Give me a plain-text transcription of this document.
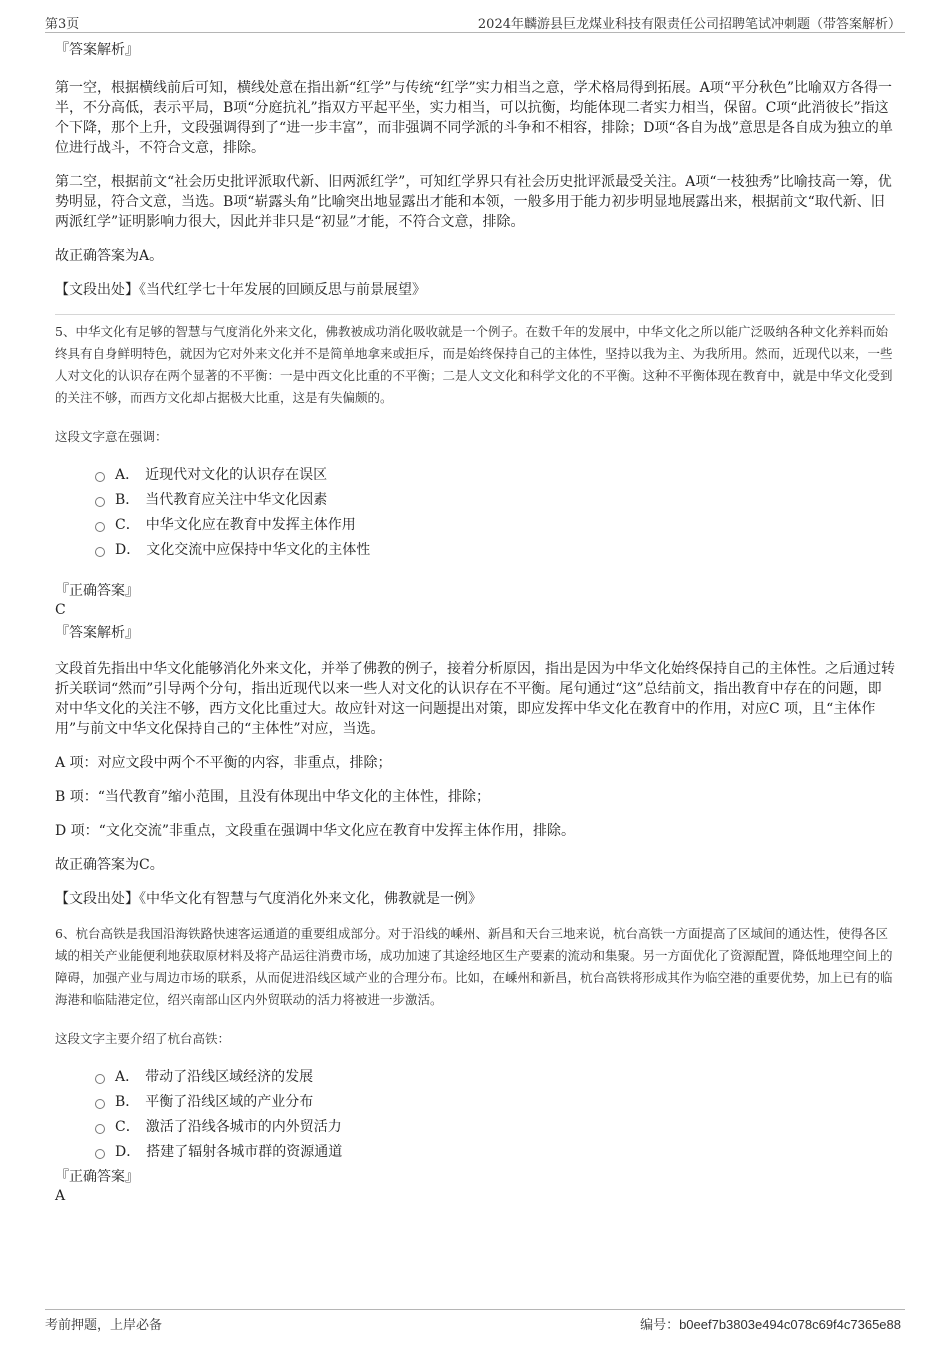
第3页	2024年麟游县巨龙煤业科技有限责任公司招聘笔试冲刺题（带答案解析）

『答案解析』

第一空，根据横线前后可知，横线处意在指出新“红学”与传统“红学”实力相当之意，学术格局得到拓展。A项“平分秋色”比喻双方各得一半，不分高低，表示平局，B项“分庭抗礼”指双方平起平坐，实力相当，可以抗衡，均能体现二者实力相当，保留。C项“此消彼长”指这个下降，那个上升，文段强调得到了“进一步丰富”，而非强调不同学派的斗争和不相容，排除；D项“各自为战”意思是各自成为独立的单位进行战斗，不符合文意，排除。

第二空，根据前文“社会历史批评派取代新、旧两派红学”，可知红学界只有社会历史批评派最受关注。A项“一枝独秀”比喻技高一筹，优势明显，符合文意，当选。B项“崭露头角”比喻突出地显露出才能和本领，一般多用于能力初步明显地展露出来，根据前文“取代新、旧两派红学”证明影响力很大，因此并非只是“初显”才能，不符合文意，排除。

故正确答案为A。

【文段出处】《当代红学七十年发展的回顾反思与前景展望》

5、中华文化有足够的智慧与气度消化外来文化，佛教被成功消化吸收就是一个例子。在数千年的发展中，中华文化之所以能广泛吸纳各种文化养料而始终具有自身鲜明特色，就因为它对外来文化并不是简单地拿来或拒斥，而是始终保持自己的主体性，坚持以我为主、为我所用。然而，近现代以来，一些人对文化的认识存在两个显著的不平衡：一是中西文化比重的不平衡；二是人文文化和科学文化的不平衡。这种不平衡体现在教育中，就是中华文化受到的关注不够，而西方文化却占据极大比重，这是有失偏颇的。

这段文字意在强调：

A． 近现代对文化的认识存在误区
B． 当代教育应关注中华文化因素
C． 中华文化应在教育中发挥主体作用
D． 文化交流中应保持中华文化的主体性

『正确答案』

C

『答案解析』

文段首先指出中华文化能够消化外来文化，并举了佛教的例子，接着分析原因，指出是因为中华文化始终保持自己的主体性。之后通过转折关联词“然而”引导两个分句，指出近现代以来一些人对文化的认识存在不平衡。尾句通过“这”总结前文，指出教育中存在的问题，即对中华文化的关注不够，西方文化比重过大。故应针对这一问题提出对策，即应发挥中华文化在教育中的作用，对应C 项，且“主体作用”与前文中华文化保持自己的“主体性”对应，当选。

A 项：对应文段中两个不平衡的内容，非重点，排除；

B 项：“当代教育”缩小范围，且没有体现出中华文化的主体性，排除；

D 项：“文化交流”非重点，文段重在强调中华文化应在教育中发挥主体作用，排除。

故正确答案为C。

【文段出处】《中华文化有智慧与气度消化外来文化，佛教就是一例》

6、杭台高铁是我国沿海铁路快速客运通道的重要组成部分。对于沿线的嵊州、新昌和天台三地来说，杭台高铁一方面提高了区域间的通达性，使得各区域的相关产业能便利地获取原材料及将产品运往消费市场，成功加速了其途经地区生产要素的流动和集聚。另一方面优化了资源配置，降低地理空间上的障碍，加强产业与周边市场的联系，从而促进沿线区域产业的合理分布。比如，在嵊州和新昌，杭台高铁将形成其作为临空港的重要优势，加上已有的临海港和临陆港定位，绍兴南部山区内外贸联动的活力将被进一步激活。

这段文字主要介绍了杭台高铁：

A． 带动了沿线区域经济的发展
B． 平衡了沿线区域的产业分布
C． 激活了沿线各城市的内外贸活力
D． 搭建了辐射各城市群的资源通道

『正确答案』

A

考前押题，上岸必备	编号：b0eef7b3803e494c078c69f4c7365e88
